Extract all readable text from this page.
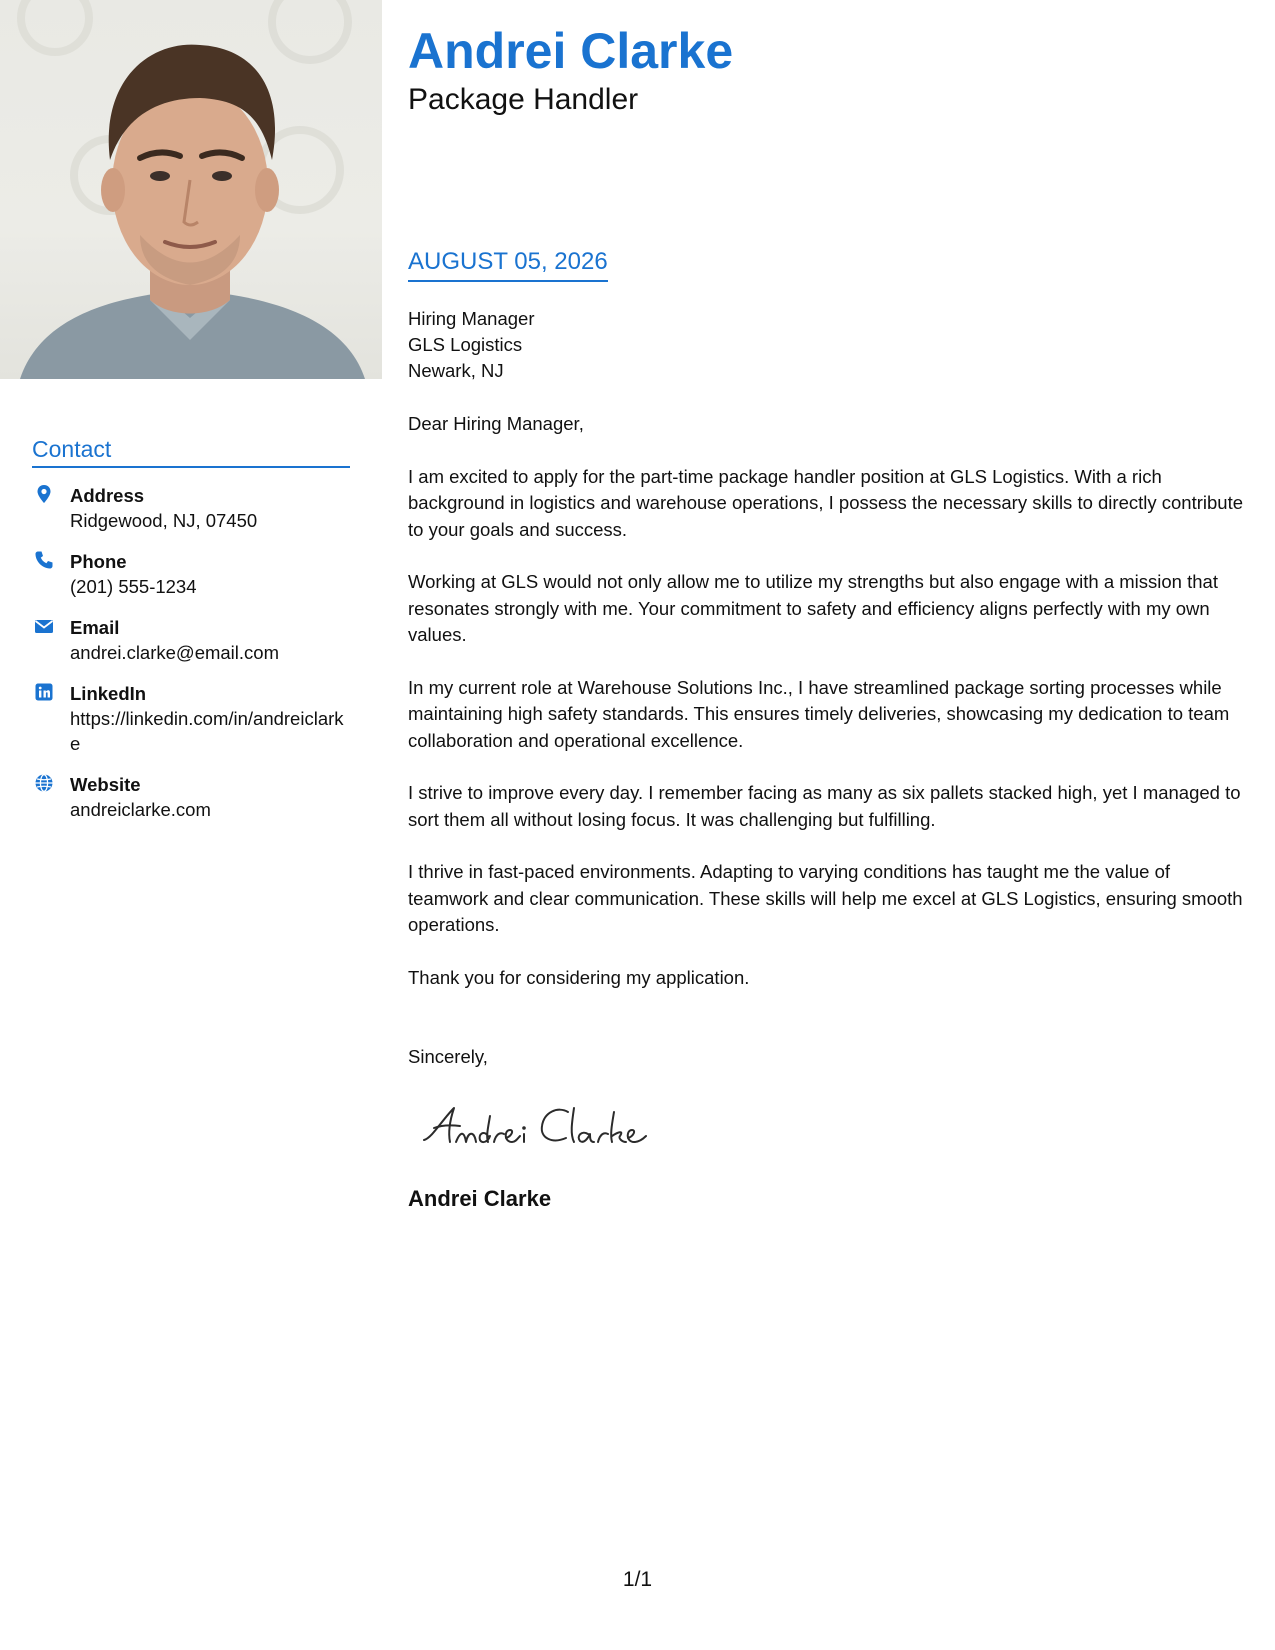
Contact
Address
Ridgewood, NJ, 07450
Phone
(201) 555-1234
Email
andrei.clarke@email.com
LinkedIn
https://linkedin.com/in/andreiclarke
Website
andreiclarke.com
Andrei Clarke
Package Handler
AUGUST 05, 2026
Hiring Manager
GLS Logistics
Newark, NJ

Dear Hiring Manager,

I am excited to apply for the part-time package handler position at GLS Logistics. With a rich background in logistics and warehouse operations, I possess the necessary skills to directly contribute to your goals and success.

Working at GLS would not only allow me to utilize my strengths but also engage with a mission that resonates strongly with me. Your commitment to safety and efficiency aligns perfectly with my own values.

In my current role at Warehouse Solutions Inc., I have streamlined package sorting processes while maintaining high safety standards. This ensures timely deliveries, showcasing my dedication to team collaboration and operational excellence.

I strive to improve every day. I remember facing as many as six pallets stacked high, yet I managed to sort them all without losing focus. It was challenging but fulfilling.

I thrive in fast-paced environments. Adapting to varying conditions has taught me the value of teamwork and clear communication. These skills will help me excel at GLS Logistics, ensuring smooth operations.

Thank you for considering my application.

Sincerely,

Andrei Clarke
1/1
